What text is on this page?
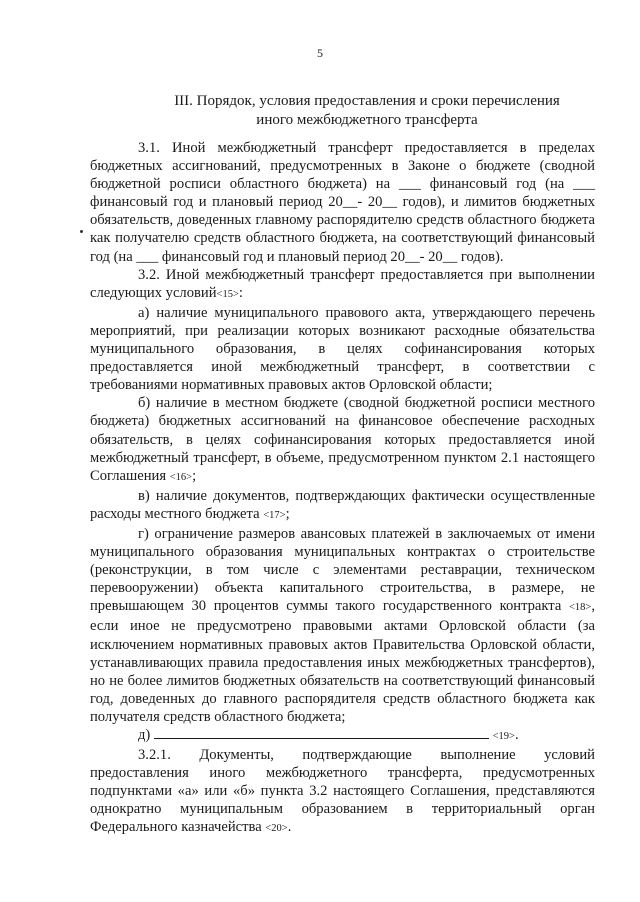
5
III. Порядок, условия предоставления и сроки перечисления
иного межбюджетного трансферта

3.1. Иной межбюджетный трансферт предоставляется в пределах бюджетных ассигнований, предусмотренных в Законе о бюджете (сводной бюджетной росписи областного бюджета) на ___ финансовый год (на ___ финансовый год и плановый период 20__- 20__ годов), и лимитов бюджетных обязательств, доведенных главному распорядителю средств областного бюджета как получателю средств областного бюджета, на соответствующий финансовый год (на ___ финансовый год и плановый период 20__- 20__ годов).

3.2. Иной межбюджетный трансферт предоставляется при выполнении следующих условий<15>:

а) наличие муниципального правового акта, утверждающего перечень мероприятий, при реализации которых возникают расходные обязательства муниципального образования, в целях софинансирования которых предоставляется иной межбюджетный трансферт, в соответствии с требованиями нормативных правовых актов Орловской области;

б) наличие в местном бюджете (сводной бюджетной росписи местного бюджета) бюджетных ассигнований на финансовое обеспечение расходных обязательств, в целях софинансирования которых предоставляется иной межбюджетный трансферт, в объеме, предусмотренном пунктом 2.1 настоящего Соглашения <16>;

в) наличие документов, подтверждающих фактически осуществленные расходы местного бюджета <17>;

г) ограничение размеров авансовых платежей в заключаемых от имени муниципального образования муниципальных контрактах о строительстве (реконструкции, в том числе с элементами реставрации, техническом перевооружении) объекта капитального строительства, в размере, не превышающем 30 процентов суммы такого государственного контракта <18>, если иное не предусмотрено правовыми актами Орловской области (за исключением нормативных правовых актов Правительства Орловской области, устанавливающих правила предоставления иных межбюджетных трансфертов), но не более лимитов бюджетных обязательств на соответствующий финансовый год, доведенных до главного распорядителя средств областного бюджета как получателя средств областного бюджета;

д)	<19>.

3.2.1. Документы, подтверждающие выполнение условий предоставления иного межбюджетного трансферта, предусмотренных подпунктами «а» или «б» пункта 3.2 настоящего Соглашения, представляются однократно муниципальным образованием в территориальный орган Федерального казначейства <20>.
